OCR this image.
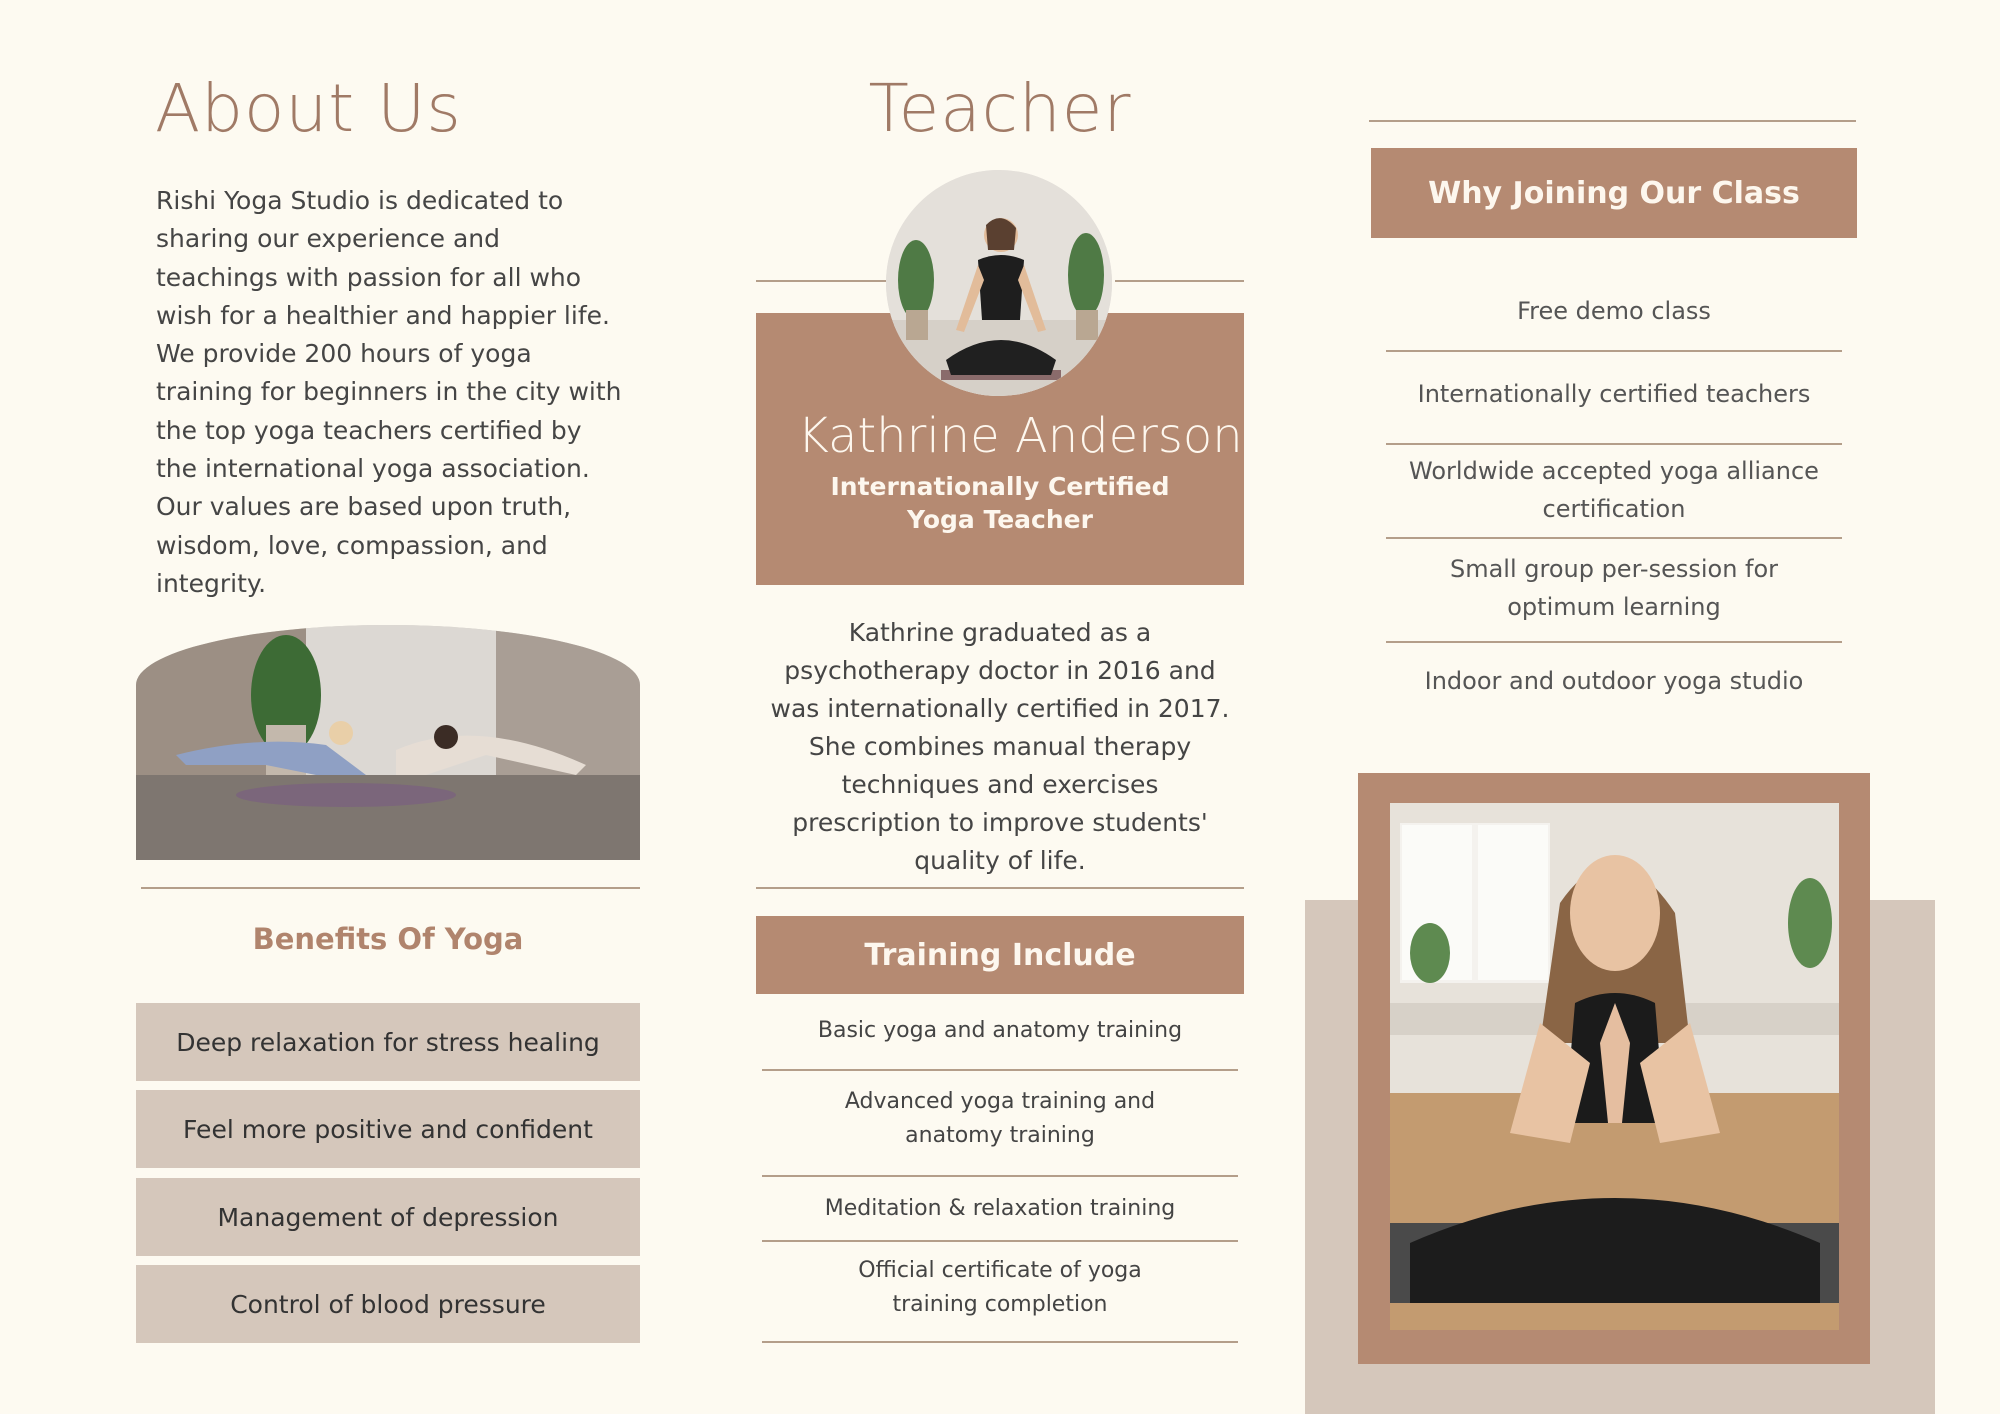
About Us
Rishi Yoga Studio is dedicated to sharing our experience and teachings with passion for all who wish for a healthier and happier life. We provide 200 hours of yoga training for beginners in the city with the top yoga teachers certified by the international yoga association. Our values are based upon truth, wisdom, love, compassion, and integrity.
Benefits Of Yoga
Deep relaxation for stress healing
Feel more positive and confident
Management of depression
Control of blood pressure
Teacher
Kathrine Anderson
Internationally Certified
Yoga Teacher
Kathrine graduated as a psychotherapy doctor in 2016 and was internationally certified in 2017. She combines manual therapy techniques and exercises prescription to improve students' quality of life.
Training Include
Basic yoga and anatomy training
Advanced yoga training and anatomy training
Meditation & relaxation training
Official certificate of yoga training completion
Why Joining Our Class
Free demo class
Internationally certified teachers
Worldwide accepted yoga alliance certification
Small group per-session for optimum learning
Indoor and outdoor yoga studio
